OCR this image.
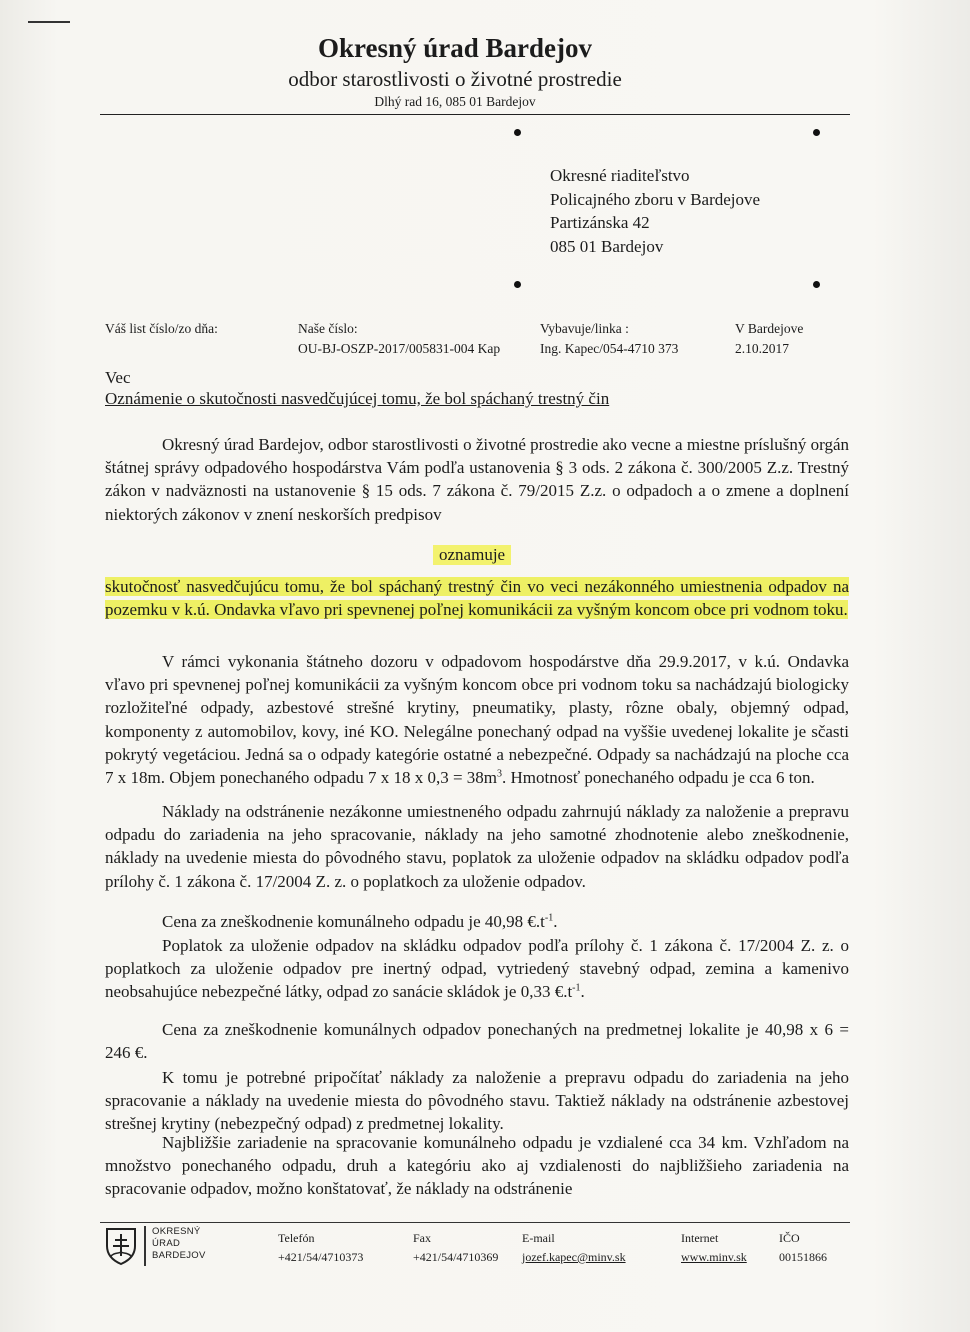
Okresný úrad Bardejov
odbor starostlivosti o životné prostredie
Dlhý rad 16, 085 01 Bardejov
Okresné riaditeľstvo
Policajného zboru v Bardejove
Partizánska 42
085 01 Bardejov
Váš list číslo/zo dňa:	Naše číslo:
OU-BJ-OSZP-2017/005831-004 Kap
Vybavuje/linka :
Ing. Kapec/054-4710 373
V Bardejove
2.10.2017
Vec
Oznámenie o skutočnosti nasvedčujúcej tomu, že bol spáchaný trestný čin
Okresný úrad Bardejov, odbor starostlivosti o životné prostredie ako vecne a miestne príslušný orgán štátnej správy odpadového hospodárstva Vám podľa ustanovenia § 3 ods. 2 zákona č. 300/2005 Z.z. Trestný zákon v nadväznosti na ustanovenie § 15 ods. 7 zákona č. 79/2015 Z.z. o odpadoch a o zmene a doplnení niektorých zákonov v znení neskorších predpisov
oznamuje
skutočnosť nasvedčujúcu tomu, že bol spáchaný trestný čin vo veci nezákonného umiestnenia odpadov na pozemku v k.ú. Ondavka vľavo pri spevnenej poľnej komunikácii za vyšným koncom obce pri vodnom toku.
V rámci vykonania štátneho dozoru v odpadovom hospodárstve dňa 29.9.2017, v k.ú. Ondavka vľavo pri spevnenej poľnej komunikácii za vyšným koncom obce pri vodnom toku sa nachádzajú biologicky rozložiteľné odpady, azbestové strešné krytiny, pneumatiky, plasty, rôzne obaly, objemný odpad, komponenty z automobilov, kovy, iné KO. Nelegálne ponechaný odpad na vyššie uvedenej lokalite je sčasti pokrytý vegetáciou. Jedná sa o odpady kategórie ostatné a nebezpečné. Odpady sa nachádzajú na ploche cca 7 x 18m. Objem ponechaného odpadu 7 x 18 x $0,3 = 38m^3$. Hmotnosť ponechaného odpadu je cca 6 ton.
Náklady na odstránenie nezákonne umiestneného odpadu zahrnujú náklady za naloženie a prepravu odpadu do zariadenia na jeho spracovanie, náklady na jeho samotné zhodnotenie alebo zneškodnenie, náklady na uvedenie miesta do pôvodného stavu, poplatok za uloženie odpadov na skládku odpadov podľa prílohy č. 1 zákona č. 17/2004 Z. z. o poplatkoch za uloženie odpadov.
Cena za zneškodnenie komunálneho odpadu je 40,98 $€.t^{-1}$.
Poplatok za uloženie odpadov na skládku odpadov podľa prílohy č. 1 zákona č. 17/2004 Z. z. o poplatkoch za uloženie odpadov pre inertný odpad, vytriedený stavebný odpad, zemina a kamenivo neobsahujúce nebezpečné látky, odpad zo sanácie skládok je 0,33 $€.t^{-1}$.
Cena za zneškodnenie komunálnych odpadov ponechaných na predmetnej lokalite je 40,98 x 6 = 246 €.
K tomu je potrebné pripočítať náklady za naloženie a prepravu odpadu do zariadenia na jeho spracovanie a náklady na uvedenie miesta do pôvodného stavu. Taktiež náklady na odstránenie azbestovej strešnej krytiny (nebezpečný odpad) z predmetnej lokality.
Najbližšie zariadenie na spracovanie komunálneho odpadu je vzdialené cca 34 km. Vzhľadom na množstvo ponechaného odpadu, druh a kategóriu ako aj vzdialenosti do najbližšieho zariadenia na spracovanie odpadov, možno konštatovať, že náklady na odstránenie
OKRESNÝ
ÚRAD
BARDEJOV
Telefón
+421/54/4710373
Fax
+421/54/4710369
E-mail
jozef.kapec@minv.sk
Internet
www.minv.sk
IČO
00151866
